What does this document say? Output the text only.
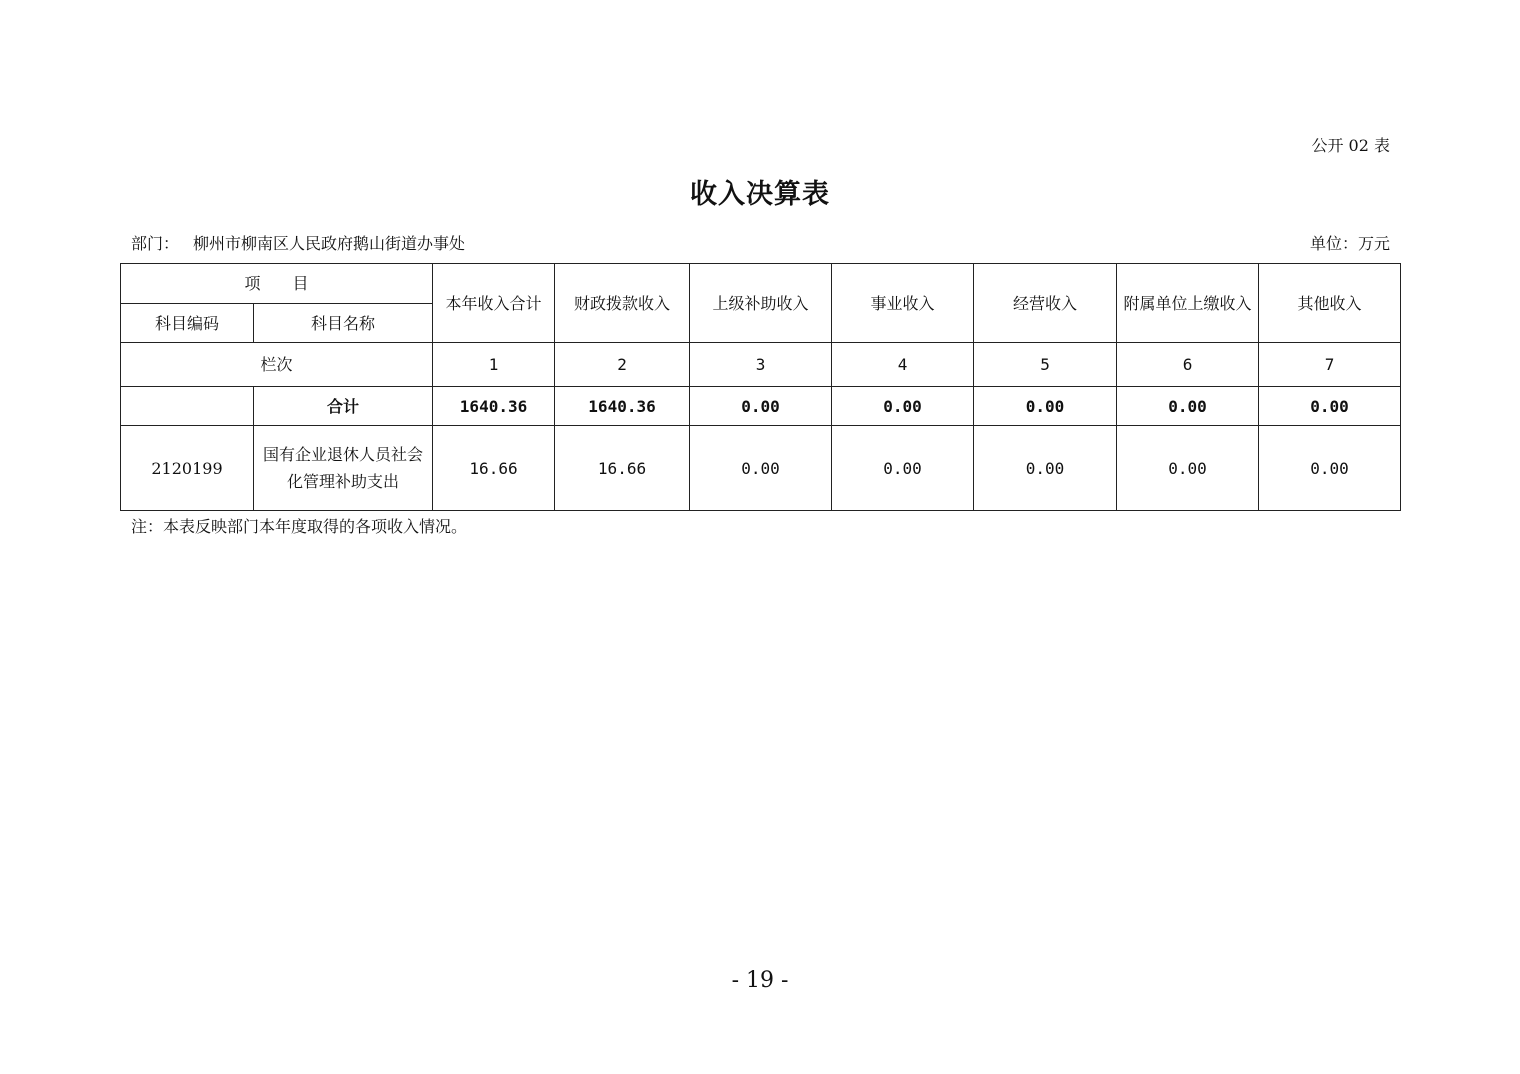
公开 02 表
收入决算表
部门： 柳州市柳南区人民政府鹅山街道办事处	单位：万元
项　　目		本年收入合计	财政拨款收入	上级补助收入	事业收入	经营收入	附属单位上缴收入	其他收入
科目编码	科目名称							
栏次		1	2	3	4	5	6	7
	合计	1640.36	1640.36	0.00	0.00	0.00	0.00	0.00
2120199	国有企业退休人员社会化管理补助支出	16.66	16.66	0.00	0.00	0.00	0.00	0.00
注：本表反映部门本年度取得的各项收入情况。
- 19 -
